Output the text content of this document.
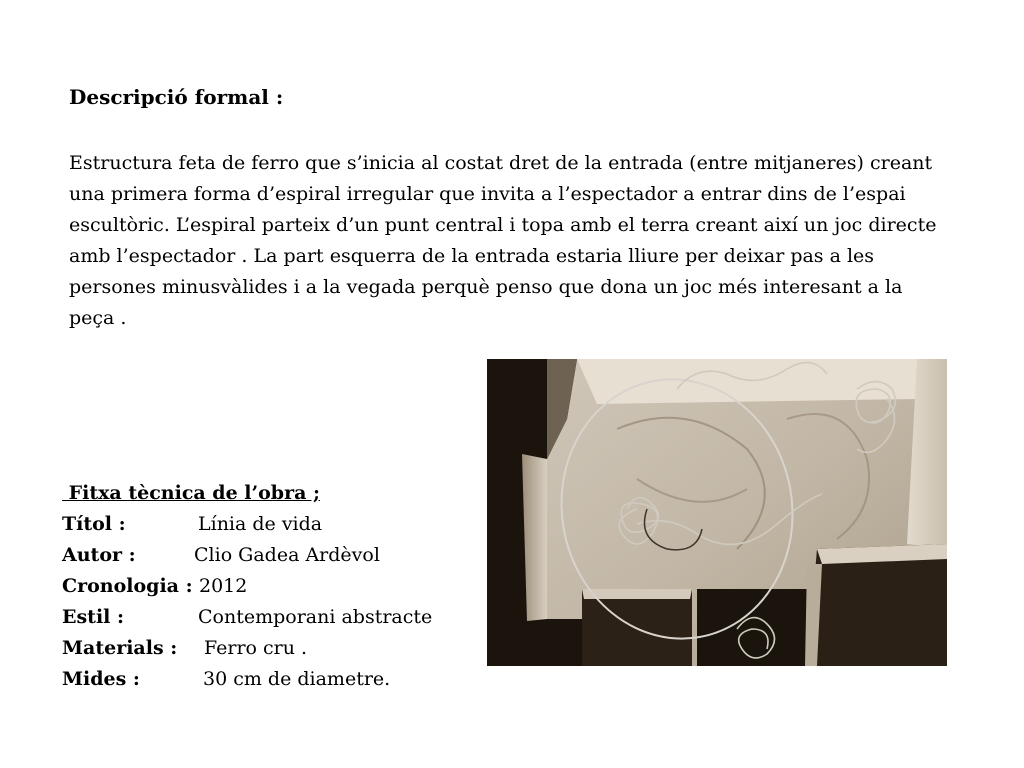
Descripció formal :

Estructura feta de ferro que s’inicia al costat dret de la entrada (entre mitjaneres) creant una primera forma d’espiral irregular que invita a l’espectador a entrar dins de l’espai escultòric. L’espiral parteix d’un punt central i topa amb el terra creant així un joc directe amb l’espectador . La part esquerra de la entrada estaria lliure per deixar pas a les persones minusvàlides i a la vegada perquè penso que dona un joc més interesant a la peça .

Fitxa tècnica de l’obra ;
Títol :	Línia de vida
Autor :	Clio Gadea Ardèvol
Cronologia : 2012
Estil :	Contemporani abstracte
Materials :	Ferro cru .
Mides :	30 cm de diametre.
